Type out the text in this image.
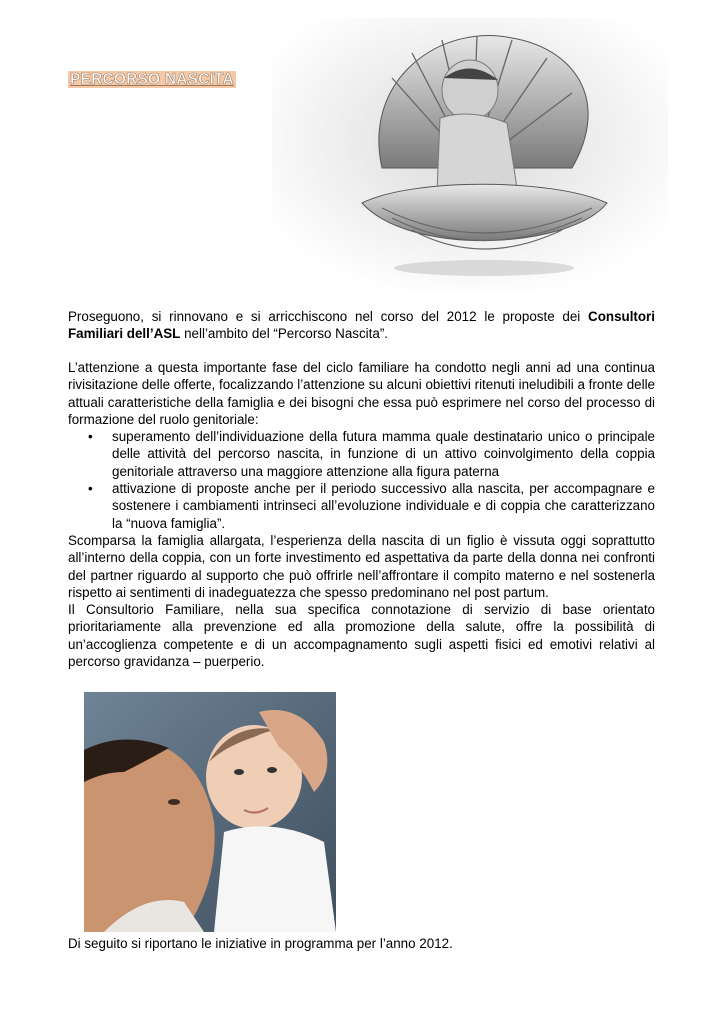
PERCORSO NASCITA

Proseguono, si rinnovano e si arricchiscono nel corso del 2012 le proposte dei Consultori Familiari dell’ASL nell’ambito del “Percorso Nascita”.

L’attenzione a questa importante fase del ciclo familiare ha condotto negli anni ad una continua rivisitazione delle offerte, focalizzando l’attenzione su alcuni obiettivi ritenuti ineludibili a fronte delle attuali caratteristiche della famiglia e dei bisogni che essa può esprimere nel corso del processo di formazione del ruolo genitoriale:

• superamento dell’individuazione della futura mamma quale destinatario unico o principale delle attività del percorso nascita, in funzione di un attivo coinvolgimento della coppia genitoriale attraverso una maggiore attenzione alla figura paterna
• attivazione di proposte anche per il periodo successivo alla nascita, per accompagnare e sostenere i cambiamenti intrinseci all’evoluzione individuale e di coppia che caratterizzano la “nuova famiglia”.

Scomparsa la famiglia allargata, l’esperienza della nascita di un figlio è vissuta oggi soprattutto all’interno della coppia, con un forte investimento ed aspettativa da parte della donna nei confronti del partner riguardo al supporto che può offrirle nell’affrontare il compito materno e nel sostenerla rispetto ai sentimenti di inadeguatezza che spesso predominano nel post partum.

Il Consultorio Familiare, nella sua specifica connotazione di servizio di base orientato prioritariamente alla prevenzione ed alla promozione della salute, offre la possibilità di un’accoglienza competente e di un accompagnamento sugli aspetti fisici ed emotivi relativi al percorso gravidanza – puerperio.

Di seguito si riportano le iniziative in programma per l’anno 2012.
